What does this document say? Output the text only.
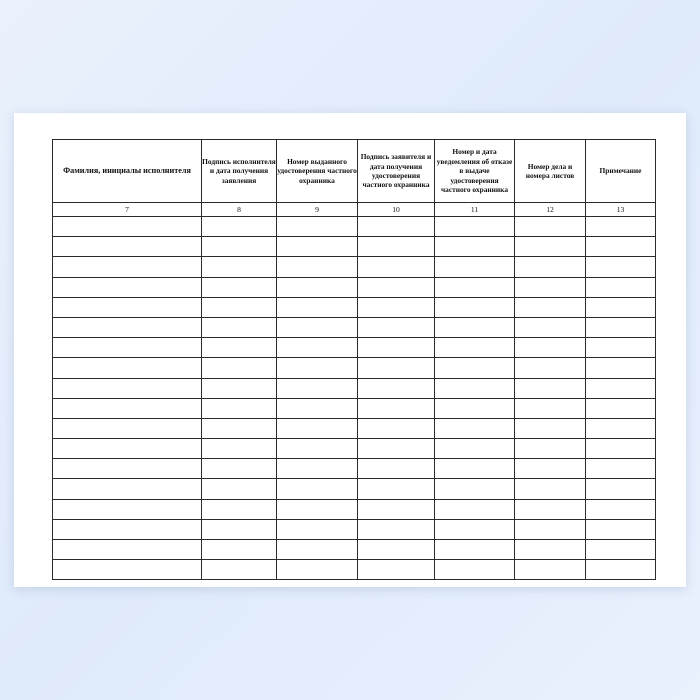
Фамилия, инициалы исполнителя	Подпись исполнителя и дата получения заявления	Номер выданного удостоверения частного охранника	Подпись заявителя и дата получения удостоверения частного охранника	Номер и дата уведомления об отказе в выдаче удостоверения частного охранника	Номер дела и номера листов	Примечание
7	8	9	10	11	12	13
